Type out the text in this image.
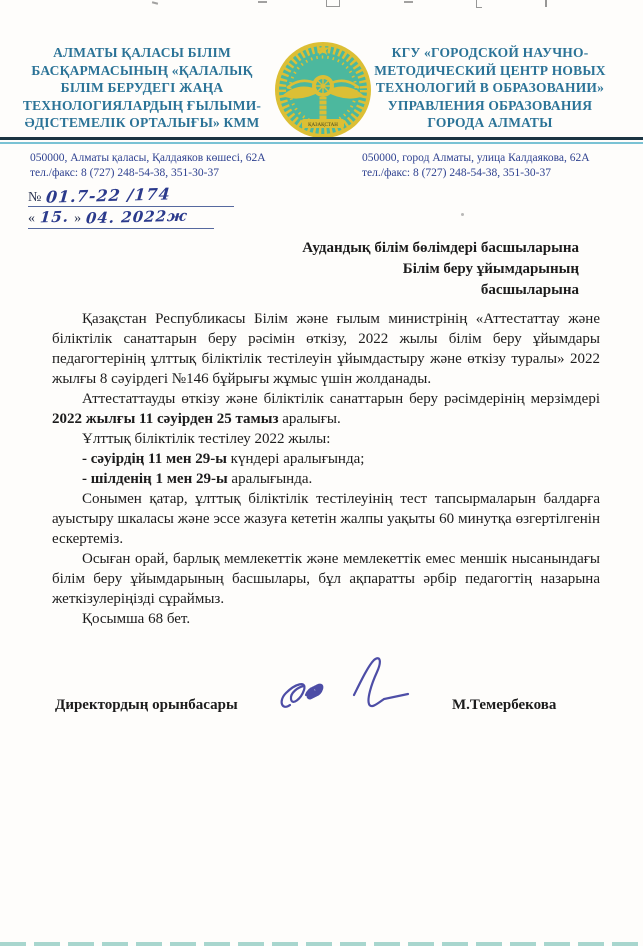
АЛМАТЫ ҚАЛАСЫ БІЛІМ
БАСҚАРМАСЫНЫҢ «ҚАЛАЛЫҚ
БІЛІМ БЕРУДЕГІ ЖАҢА
ТЕХНОЛОГИЯЛАРДЫҢ ҒЫЛЫМИ-
ӘДІСТЕМЕЛІК ОРТАЛЫҒЫ» КММ	ҚАЗАҚСТАН
КГУ «ГОРОДСКОЙ НАУЧНО-
МЕТОДИЧЕСКИЙ ЦЕНТР НОВЫХ
ТЕХНОЛОГИЙ В ОБРАЗОВАНИИ»
УПРАВЛЕНИЯ ОБРАЗОВАНИЯ
ГОРОДА АЛМАТЫ
050000, Алматы қаласы, Қалдаяков көшесі, 62А
тел./факс: 8 (727) 248-54-38, 351-30-37
050000, город Алматы, улица Калдаякова, 62А
тел./факс: 8 (727) 248-54-38, 351-30-37
№ 01.7-22 /174
« 15. » 04. 2022ж
Аудандық білім бөлімдері басшыларына
Білім беру ұйымдарының
басшыларына

Қазақстан Республикасы Білім және ғылым министрінің «Аттестаттау және біліктілік санаттарын беру рәсімін өткізу, 2022 жылы білім беру ұйымдары педагогтерінің ұлттық біліктілік тестілеуін ұйымдастыру және өткізу туралы» 2022 жылғы 8 сәуірдегі №146 бұйрығы жұмыс үшін жолданады.

Аттестаттауды өткізу және біліктілік санаттарын беру рәсімдерінің мерзімдері 2022 жылғы 11 сәуірден 25 тамыз аралығы.

Ұлттық біліктілік тестілеу 2022 жылы:

- сәуірдің 11 мен 29-ы күндері аралығында;

- шілденің 1 мен 29-ы аралығында.

Сонымен қатар, ұлттық біліктілік тестілеуінің тест тапсырмаларын балдарға ауыстыру шкаласы және эссе жазуға кететін жалпы уақыты 60 минутқа өзгертілгенін ескертеміз.

Осыған орай, барлық мемлекеттік және мемлекеттік емес меншік нысанындағы білім беру ұйымдарының басшылары, бұл ақпаратты әрбір педагогтің назарына жеткізулеріңізді сұраймыз.

Қосымша 68 бет.

Директордың орынбасары	М.Темербекова
